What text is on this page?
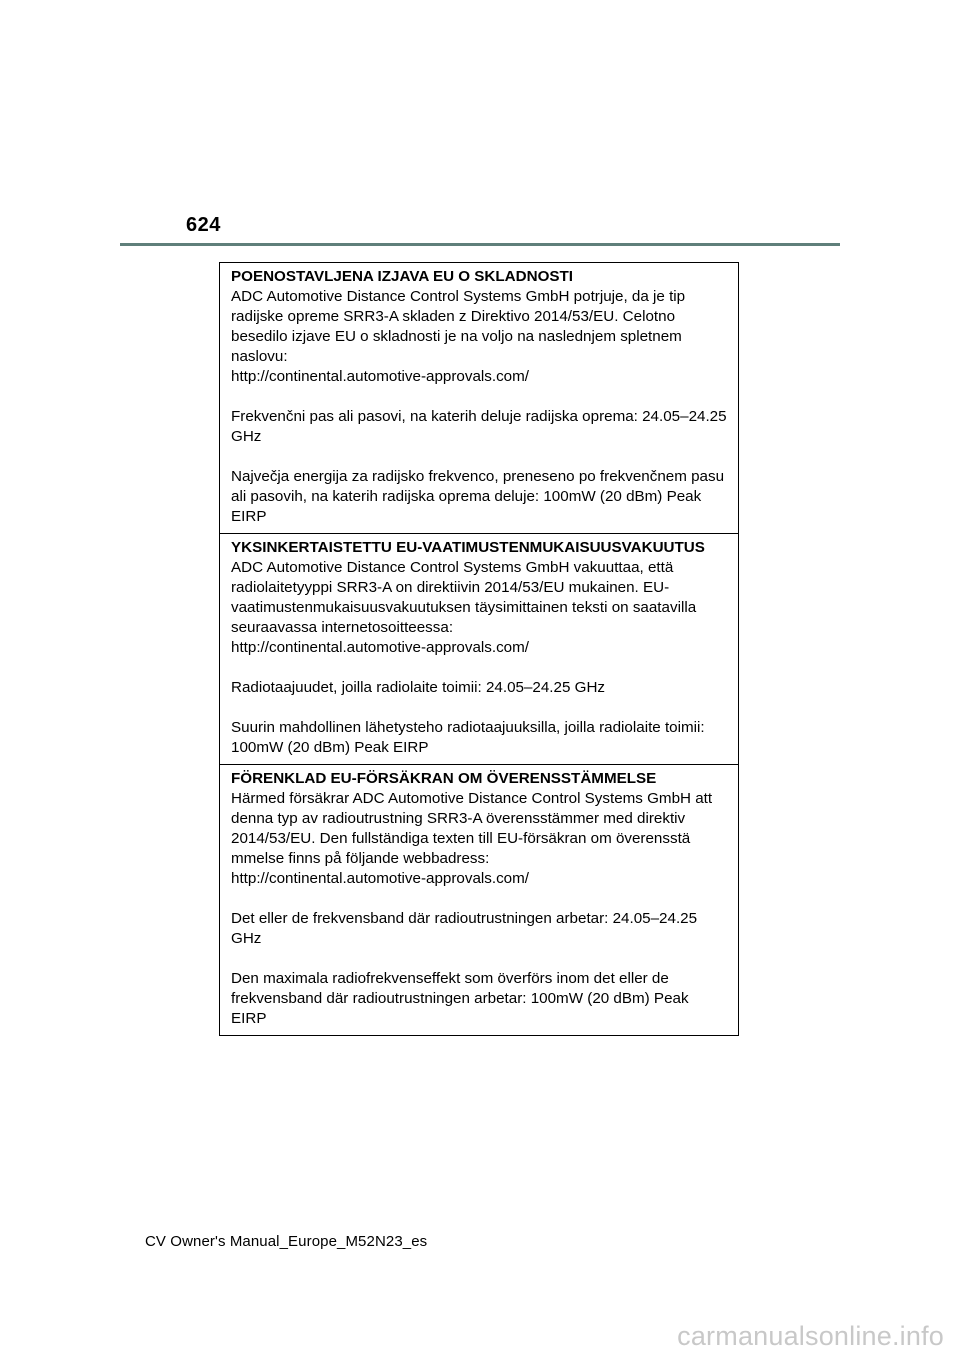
624

POENOSTAVLJENA IZJAVA EU O SKLADNOSTI

ADC Automotive Distance Control Systems GmbH potrjuje, da je tip radijske opreme SRR3-A skladen z Direktivo 2014/53/EU. Celotno besedilo izjave EU o skladnosti je na voljo na naslednjem spletnem naslovu:

http://continental.automotive-approvals.com/

Frekvenčni pas ali pasovi, na katerih deluje radijska oprema: 24.05–24.25 GHz

Največja energija za radijsko frekvenco, preneseno po frekvenčnem pasu ali pasovih, na katerih radijska oprema deluje: 100mW (20 dBm) Peak EIRP

YKSINKERTAISTETTU EU-VAATIMUSTENMUKAISUUSVAKUUTUS

ADC Automotive Distance Control Systems GmbH vakuuttaa, että radiolaitetyyppi SRR3-A on direktiivin 2014/53/EU mukainen. EU-vaatimustenmukaisuusvakuutuksen täysimittainen teksti on saatavilla seuraavassa internetosoitteessa:

http://continental.automotive-approvals.com/

Radiotaajuudet, joilla radiolaite toimii: 24.05–24.25 GHz

Suurin mahdollinen lähetysteho radiotaajuuksilla, joilla radiolaite toimii: 100mW (20 dBm) Peak EIRP

FÖRENKLAD EU-FÖRSÄKRAN OM ÖVERENSSTÄMMELSE

Härmed försäkrar ADC Automotive Distance Control Systems GmbH att denna typ av radioutrustning SRR3-A överensstämmer med direktiv 2014/53/EU. Den fullständiga texten till EU-försäkran om överensstä mmelse finns på följande webbadress:

http://continental.automotive-approvals.com/

Det eller de frekvensband där radioutrustningen arbetar: 24.05–24.25 GHz

Den maximala radiofrekvenseffekt som överförs inom det eller de frekvensband där radioutrustningen arbetar: 100mW (20 dBm) Peak EIRP

CV Owner's Manual_Europe_M52N23_es
carmanualsonline.info
